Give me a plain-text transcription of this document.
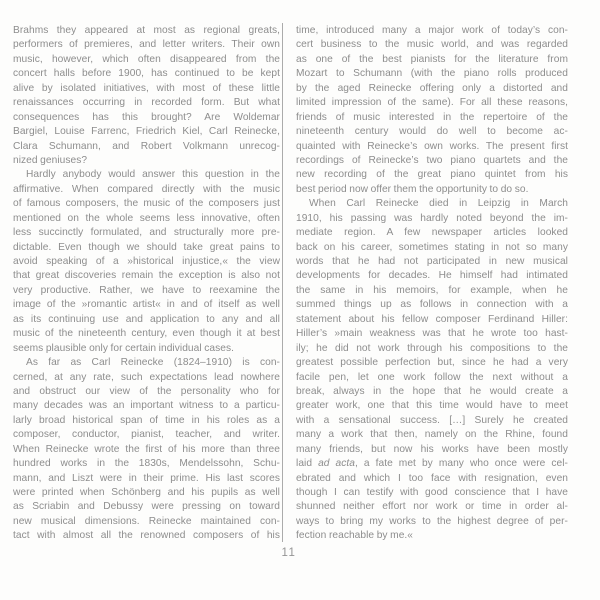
Brahms they appeared at most as regional greats,
performers of premieres, and letter writers. Their own
music, however, which often disappeared from the
concert halls before 1900, has continued to be kept
alive by isolated initiatives, with most of these little
renaissances occurring in recorded form. But what
consequences has this brought? Are Woldemar
Bargiel, Louise Farrenc, Friedrich Kiel, Carl Reinecke,
Clara Schumann, and Robert Volkmann unrecog-
nized geniuses?
Hardly anybody would answer this question in the
affirmative. When compared directly with the music
of famous composers, the music of the composers just
mentioned on the whole seems less innovative, often
less succinctly formulated, and structurally more pre-
dictable. Even though we should take great pains to
avoid speaking of a »historical injustice,« the view
that great discoveries remain the exception is also not
very productive. Rather, we have to reexamine the
image of the »romantic artist« in and of itself as well
as its continuing use and application to any and all
music of the nineteenth century, even though it at best
seems plausible only for certain individual cases.
As far as Carl Reinecke (1824–1910) is con-
cerned, at any rate, such expectations lead nowhere
and obstruct our view of the personality who for
many decades was an important witness to a particu-
larly broad historical span of time in his roles as a
composer, conductor, pianist, teacher, and writer.
When Reinecke wrote the first of his more than three
hundred works in the 1830s, Mendelssohn, Schu-
mann, and Liszt were in their prime. His last scores
were printed when Schönberg and his pupils as well
as Scriabin and Debussy were pressing on toward
new musical dimensions. Reinecke maintained con-
tact with almost all the renowned composers of his
time, introduced many a major work of today’s con-
cert business to the music world, and was regarded
as one of the best pianists for the literature from
Mozart to Schumann (with the piano rolls produced
by the aged Reinecke offering only a distorted and
limited impression of the same). For all these reasons,
friends of music interested in the repertoire of the
nineteenth century would do well to become ac-
quainted with Reinecke’s own works. The present first
recordings of Reinecke’s two piano quartets and the
new recording of the great piano quintet from his
best period now offer them the opportunity to do so.
When Carl Reinecke died in Leipzig in March
1910, his passing was hardly noted beyond the im-
mediate region. A few newspaper articles looked
back on his career, sometimes stating in not so many
words that he had not participated in new musical
developments for decades. He himself had intimated
the same in his memoirs, for example, when he
summed things up as follows in connection with a
statement about his fellow composer Ferdinand Hiller:
Hiller’s »main weakness was that he wrote too hast-
ily; he did not work through his compositions to the
greatest possible perfection but, since he had a very
facile pen, let one work follow the next without a
break, always in the hope that he would create a
greater work, one that this time would have to meet
with a sensational success. […] Surely he created
many a work that then, namely on the Rhine, found
many friends, but now his works have been mostly
laid ad acta, a fate met by many who once were cel-
ebrated and which I too face with resignation, even
though I can testify with good conscience that I have
shunned neither effort nor work or time in order al-
ways to bring my works to the highest degree of per-
fection reachable by me.«
11
